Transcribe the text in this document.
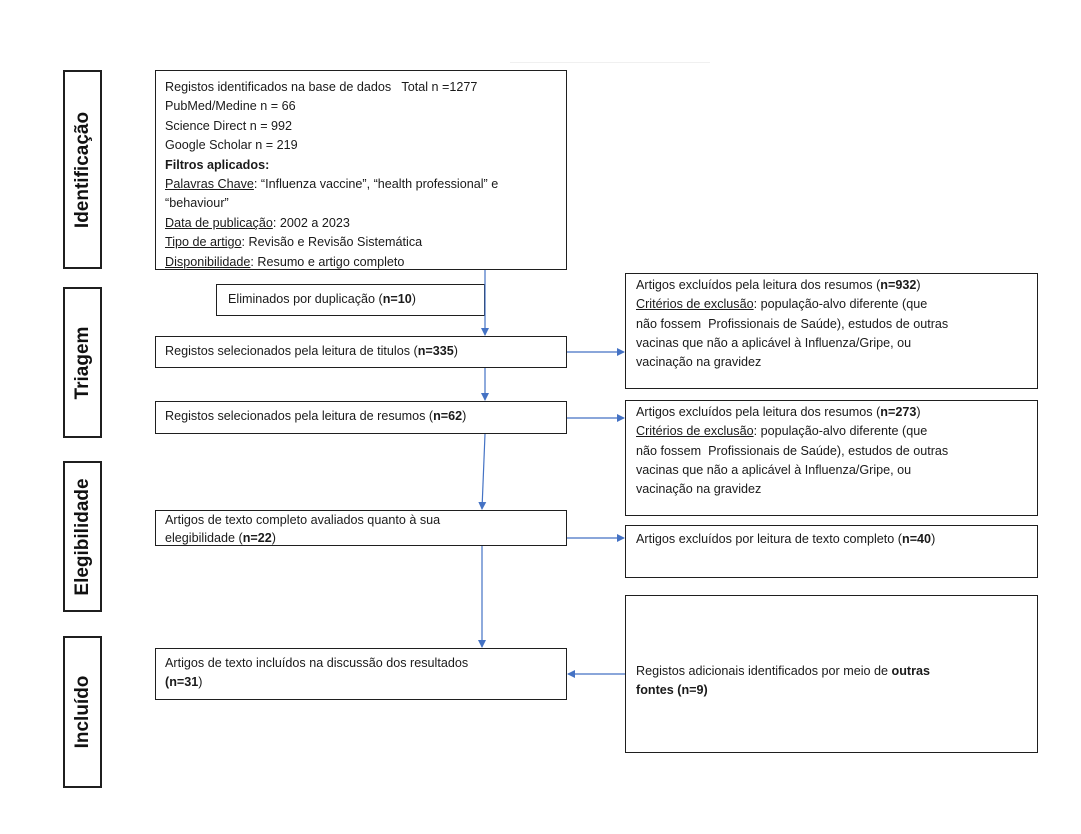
Identificação
Triagem
Elegibilidade
Incluído
Registos identificados na base de dados   Total n =1277
PubMed/Medine n = 66
Science Direct n = 992
Google Scholar n = 219
Filtros aplicados:
Palavras Chave: “Influenza vaccine”, “health professional” e
“behaviour”
Data de publicação: 2002 a 2023
Tipo de artigo: Revisão e Revisão Sistemática
Disponibilidade: Resumo e artigo completo
Eliminados por duplicação (n=10)
Registos selecionados pela leitura de titulos (n=335)
Registos selecionados pela leitura de resumos (n=62)
Artigos de texto completo avaliados quanto à sua
elegibilidade (n=22)
Artigos de texto incluídos na discussão dos resultados
(n=31)
Artigos excluídos pela leitura dos resumos (n=932)
Critérios de exclusão: população-alvo diferente (que
não fossem  Profissionais de Saúde), estudos de outras
vacinas que não a aplicável à Influenza/Gripe, ou
vacinação na gravidez
Artigos excluídos pela leitura dos resumos (n=273)
Critérios de exclusão: população-alvo diferente (que
não fossem  Profissionais de Saúde), estudos de outras
vacinas que não a aplicável à Influenza/Gripe, ou
vacinação na gravidez
Artigos excluídos por leitura de texto completo (n=40)
Registos adicionais identificados por meio de outras
fontes (n=9)
